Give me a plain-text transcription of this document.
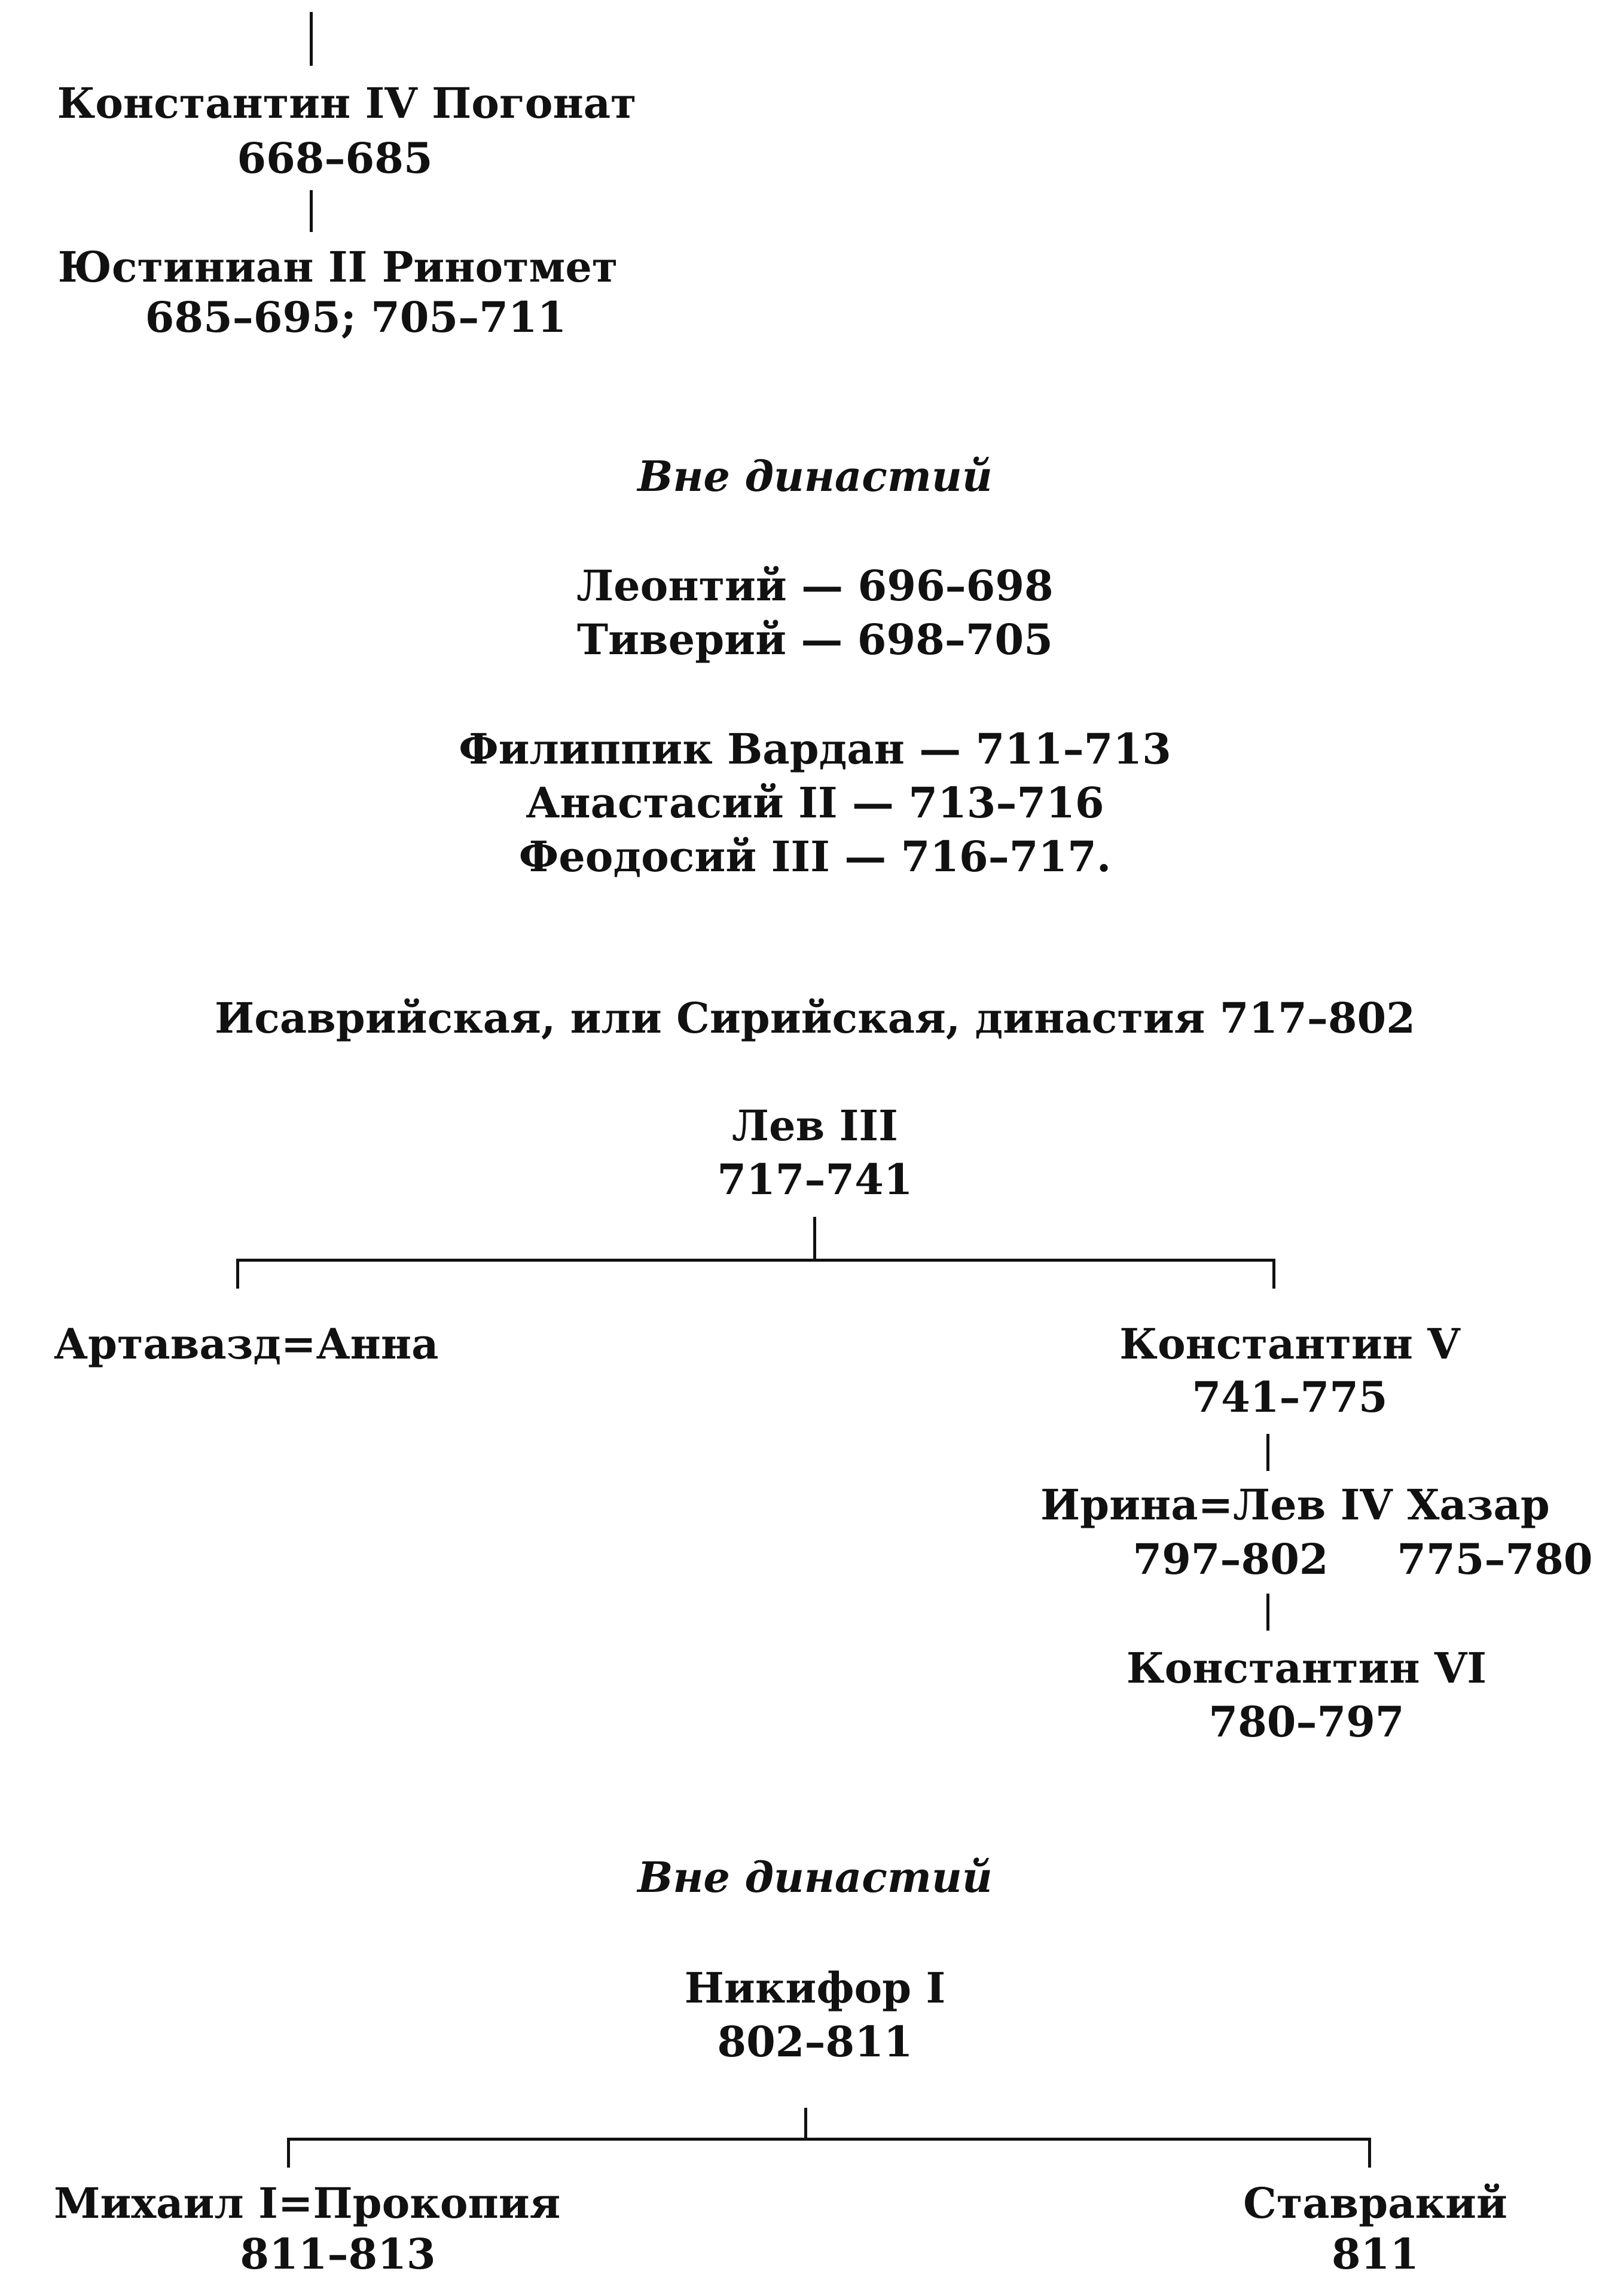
Константин IV Погонат
668–685
Юстиниан II Ринотмет
685–695; 705–711
Вне династий
Леонтий — 696–698
Тиверий — 698–705
Филиппик Вардан — 711–713
Анастасий II — 713–716
Феодосий III — 716–717.
Исаврийская, или Сирийская, династия 717–802
Лев III
717–741
Артавазд=Анна	Константин V
741–775
Ирина=Лев IV Хазар
797–802 775–780
Константин VI
780–797
Вне династий
Никифор I
802–811
Михаил I=Прокопия
811–813
Ставракий
811
